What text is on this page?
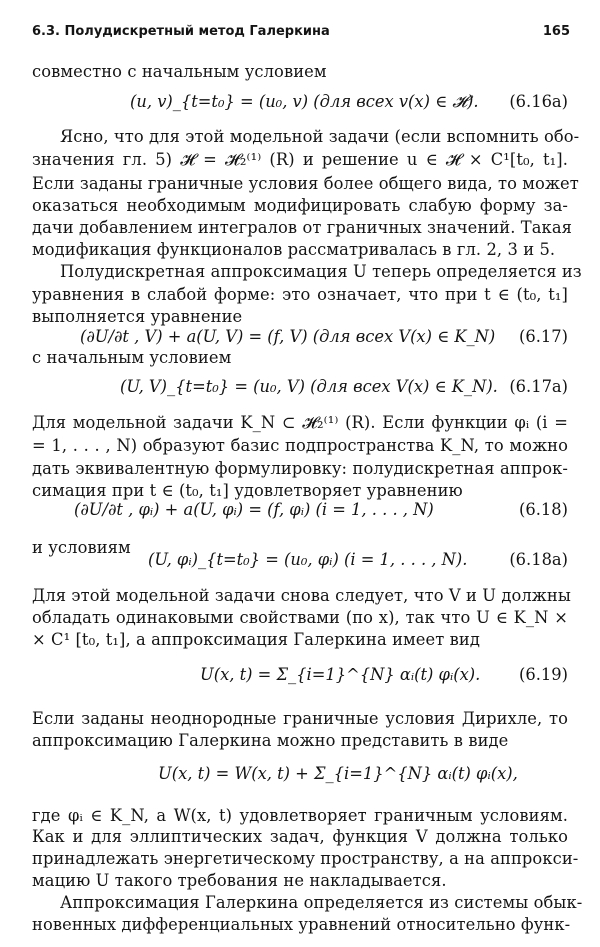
6.3. Полудискретный метод Галеркина	165
совместно с начальным условием
(u, v)_{t=t₀} = (u₀, v) (для всех v(x) ∈ 𝓗). (6.16a)
Ясно, что для этой модельной задачи (если вспомнить обо-
значения гл. 5) 𝓗 = 𝓗₂⁽¹⁾ (R) и решение u ∈ 𝓗 × C¹[t₀, t₁].
Если заданы граничные условия более общего вида, то может
оказаться необходимым модифицировать слабую форму за-
дачи добавлением интегралов от граничных значений. Такая
модификация функционалов рассматривалась в гл. 2, 3 и 5.
Полудискретная аппроксимация U теперь определяется из
уравнения в слабой форме: это означает, что при t ∈ (t₀, t₁]
выполняется уравнение
(∂U/∂t , V) + a(U, V) = (f, V) (для всех V(x) ∈ K_N) (6.17)
с начальным условием
(U, V)_{t=t₀} = (u₀, V) (для всех V(x) ∈ K_N). (6.17a)
Для модельной задачи K_N ⊂ 𝓗₂⁽¹⁾ (R). Если функции φᵢ (i =
= 1, . . . , N) образуют базис подпространства K_N, то можно
дать эквивалентную формулировку: полудискретная аппрок-
симация при t ∈ (t₀, t₁] удовлетворяет уравнению
(∂U/∂t , φᵢ) + a(U, φᵢ) = (f, φᵢ) (i = 1, . . . , N)	(6.18)
и условиям
(U, φᵢ)_{t=t₀} = (u₀, φᵢ) (i = 1, . . . , N).	(6.18a)
Для этой модельной задачи снова следует, что V и U должны
обладать одинаковыми свойствами (по x), так что U ∈ K_N ×
× C¹ [t₀, t₁], а аппроксимация Галеркина имеет вид
U(x, t) = Σ_{i=1}^{N} αᵢ(t) φᵢ(x). (6.19)
Если заданы неоднородные граничные условия Дирихле, то
аппроксимацию Галеркина можно представить в виде
U(x, t) = W(x, t) + Σ_{i=1}^{N} αᵢ(t) φᵢ(x),
где φᵢ ∈ K_N, а W(x, t) удовлетворяет граничным условиям.
Как и для эллиптических задач, функция V должна только
принадлежать энергетическому пространству, а на аппрокси-
мацию U такого требования не накладывается.
Аппроксимация Галеркина определяется из системы обык-
новенных дифференциальных уравнений относительно функ-
